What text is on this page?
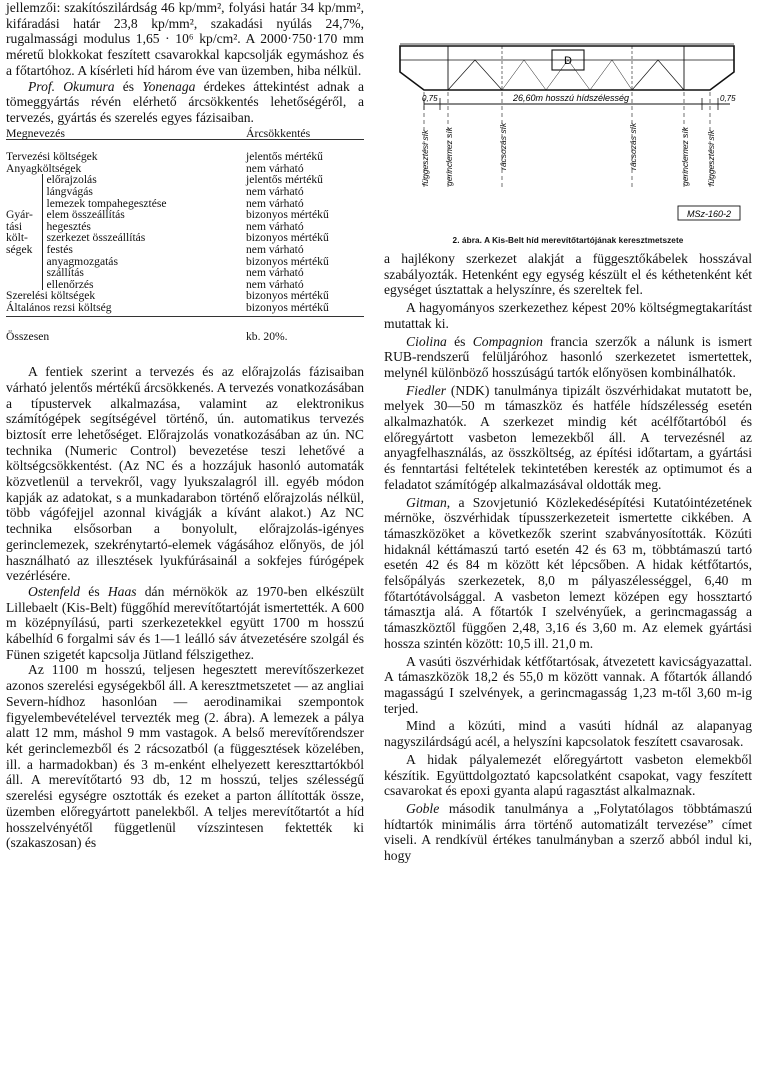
jellemzői: szakítószilárdság 46 kp/mm², folyási határ 34 kp/mm², kifáradási határ 23,8 kp/mm², szakadási nyúlás 24,7%, rugalmassági modulus 1,65 · 10⁶ kp/cm². A 2000·750·170 mm méretű blokkokat feszített csavarokkal kapcsolják egymáshoz és a főtartóhoz. A kísérleti híd három éve van üzemben, hiba nélkül.

Prof. Okumura és Yonenaga érdekes áttekintést adnak a tömeggyártás révén elérhető árcsökkentés lehetőségéről, a tervezés, gyártás és szerelés egyes fázisaiban.

Megnevezés		Árcsökkentés

Tervezési költségek		jelentős mértékű
Anyagköltségek		nem várható

Gyár-
tási
költ-
ségek	előrajzolás	jelentős mértékű
	lángvágás	nem várható
	lemezek tompahegesztése	nem várható
	elem összeállítás	bizonyos mértékű
	hegesztés	nem várható
	szerkezet összeállítás	bizonyos mértékű
	festés	nem várható
	anyagmozgatás	bizonyos mértékű
	szállítás	nem várható
	ellenőrzés	nem várható
Szerelési költségek		bizonyos mértékű
Általános rezsi költség		bizonyos mértékű

Összesen		kb. 20%.

A fentiek szerint a tervezés és az előrajzolás fázisaiban várható jelentős mértékű árcsökkenés. A tervezés vonatkozásában a típustervek alkalmazása, valamint az elektronikus számítógépek segítségével történő, ún. automatikus tervezés biztosít erre lehetőséget. Előrajzolás vonatkozásában az ún. NC technika (Numeric Control) bevezetése teszi lehetővé a költségcsökkentést. (Az NC és a hozzájuk hasonló automaták közvetlenül a tervekről, vagy lyukszalagról ill. egyéb módon kapják az adatokat, s a munkadarabon történő előrajzolás nélkül, több vágófejjel azonnal kivágják a kívánt alakot.) Az NC technika elsősorban a bonyolult, előrajzolás-igényes gerinclemezek, szekrénytartó-elemek vágásához előnyös, de jól használható az illesztések lyukfúrásainál a sokfejes fúrógépek vezérlésére.

Ostenfeld és Haas dán mérnökök az 1970-ben elkészült Lillebaelt (Kis-Belt) függőhíd merevítőtartóját ismertették. A 600 m középnyílású, parti szerkezetekkel együtt 1700 m hosszú kábelhíd 6 forgalmi sáv és 1—1 leálló sáv átvezetésére szolgál és Fünen szigetét kapcsolja Jütland félszigethez.

Az 1100 m hosszú, teljesen hegesztett merevítőszerkezet azonos szerelési egységekből áll. A keresztmetszetet — az angliai Severn-hídhoz hasonlóan — aerodinamikai szempontok figyelembevételével tervezték meg (2. ábra). A lemezek a pálya alatt 12 mm, máshol 9 mm vastagok. A belső merevítőrendszer két gerinclemezből és 2 rácsozatból (a függesztések közelében, ill. a harmadokban) és 3 m-enként elhelyezett kereszttartókból áll. A merevítőtartó 93 db, 12 m hosszú, teljes szélességű szerelési egységre osztották és ezeket a parton állították össze, üzemben előregyártott panelekből. A teljes merevítőtartót a híd hosszelvényétől függetlenül vízszintesen fektették ki (szakaszosan) és

D
0,75	26,60m hosszú hídszélesség	0,75
függesztési sík gerinclemez sík	rácsozás sík	rácsozás sík	gerinclemez sík függesztési sík
MSz-160-2

2. ábra. A Kis-Belt híd merevítőtartójának keresztmetszete

a hajlékony szerkezet alakját a függesztőkábelek hosszával szabályozták. Hetenként egy egység készült el és kéthetenként két egységet úsztattak a helyszínre, és szereltek fel.

A hagyományos szerkezethez képest 20% költségmegtakarítást mutattak ki.

Ciolina és Compagnion francia szerzők a nálunk is ismert RUB-rendszerű felüljáróhoz hasonló szerkezetet ismertettek, melynél különböző hosszúságú tartók előnyösen kombinálhatók.

Fiedler (NDK) tanulmánya tipizált öszvérhidakat mutatott be, melyek 30—50 m támaszköz és hatféle hídszélesség esetén alkalmazhatók. A szerkezet mindig két acélfőtartóból és előregyártott vasbeton lemezekből áll. A tervezésnél az anyagfelhasználás, az összköltség, az építési időtartam, a gyártási és fenntartási feltételek tekintetében keresték az optimumot és a feladatot számítógép alkalmazásával oldották meg.

Gitman, a Szovjetunió Közlekedésépítési Kutatóintézetének mérnöke, öszvérhidak típusszerkezeteit ismertette cikkében. A támaszközöket a következők szerint szabványosították. Közúti hidaknál kéttámaszú tartó esetén 42 és 63 m, többtámaszú tartó esetén 42 és 84 m között két lépcsőben. A hidak kétfőtartós, felsőpályás szerkezetek, 8,0 m pályaszélességgel, 6,40 m főtartótávolsággal. A vasbeton lemezt középen egy hossztartó támasztja alá. A főtartók I szelvényűek, a gerincmagasság a támaszköztől függően 2,48, 3,16 és 3,60 m. Az elemek gyártási hossza szintén között: 10,5 ill. 21,0 m.

A vasúti öszvérhidak kétfőtartósak, átvezetett kavicságyazattal. A támaszközök 18,2 és 55,0 m között vannak. A főtartók állandó magasságú I szelvények, a gerincmagasság 1,23 m-től 3,60 m-ig terjed.

Mind a közúti, mind a vasúti hídnál az alapanyag nagyszilárdságú acél, a helyszíni kapcsolatok feszített csavarosak.

A hidak pályalemezét előregyártott vasbeton elemekből készítik. Együttdolgoztató kapcsolatként csapokat, vagy feszített csavarokat és epoxi gyanta alapú ragasztást alkalmaznak.

Goble második tanulmánya a „Folytatólagos többtámaszú hídtartók minimális árra történő automatizált tervezése” címet viseli. A rendkívül értékes tanulmányban a szerző abból indul ki, hogy
